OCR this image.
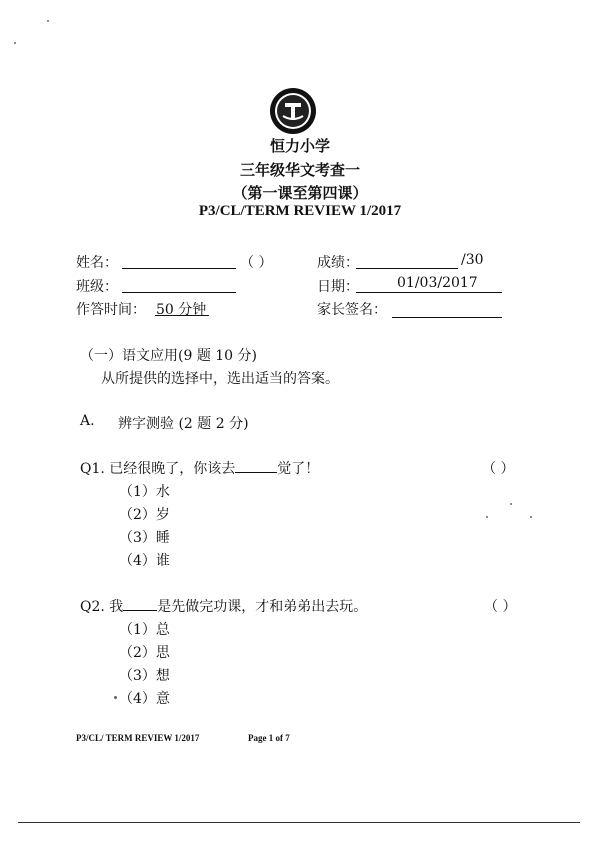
恒力小学
三年级华文考查一
（第一课至第四课）
P3/CL/TERM REVIEW 1/2017
姓名：	（ ）	成绩：	/30
班级：	日期：	01/03/2017
作答时间： 50 分钟	家长签名：
（一）语文应用(9 题 10 分)
从所提供的选择中，选出适当的答案。
A. 辨字测验 (2 题 2 分)
Q1. 已经很晚了，你该去	觉了！	（ ）
（1）水
（2）岁
（3）睡
（4）谁
Q2. 我 是先做完功课，才和弟弟出去玩。	（ ）
（1）总
（2）思
（3）想
（4）意
P3/CL/ TERM REVIEW 1/2017	Page 1 of 7
